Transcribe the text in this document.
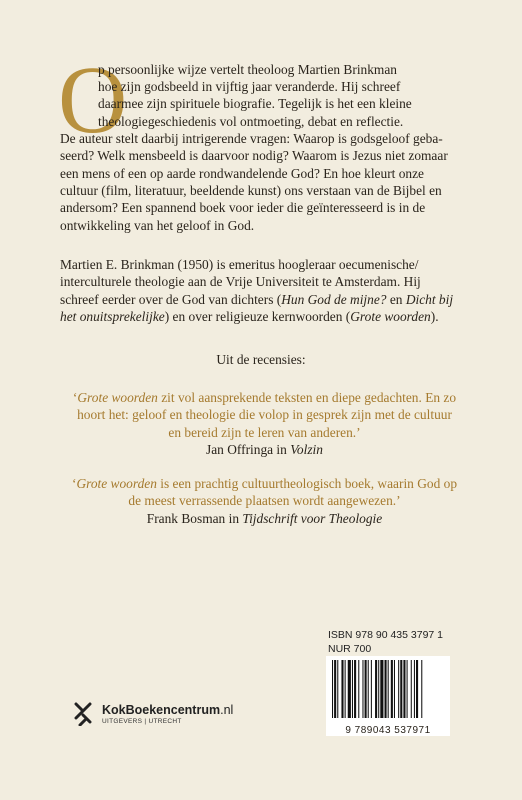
O
p persoonlijke wijze vertelt theoloog Martien Brinkman
hoe zijn godsbeeld in vijftig jaar veranderde. Hij schreef
daarmee zijn spirituele biografie. Tegelijk is het een kleine
theologiegeschiedenis vol ontmoeting, debat en reflectie.
De auteur stelt daarbij intrigerende vragen: Waarop is godsgeloof geba-
seerd? Welk mensbeeld is daarvoor nodig? Waarom is Jezus niet zomaar
een mens of een op aarde rondwandelende God? En hoe kleurt onze
cultuur (film, literatuur, beeldende kunst) ons verstaan van de Bijbel en
andersom? Een spannend boek voor ieder die geïnteresseerd is in de
ontwikkeling van het geloof in God.
Martien E. Brinkman (1950) is emeritus hoogleraar oecumenische/
interculturele theologie aan de Vrije Universiteit te Amsterdam. Hij
schreef eerder over de God van dichters (Hun God de mijne? en Dicht bij
het onuitsprekelijke) en over religieuze kernwoorden (Grote woorden).
Uit de recensies:
‘Grote woorden zit vol aansprekende teksten en diepe gedachten. En zo
hoort het: geloof en theologie die volop in gesprek zijn met de cultuur
en bereid zijn te leren van anderen.’
Jan Offringa in Volzin
‘Grote woorden is een prachtig cultuurtheologisch boek, waarin God op
de meest verrassende plaatsen wordt aangewezen.’
Frank Bosman in Tijdschrift voor Theologie
ISBN 978 90 435 3797 1
NUR 700
9 789043 537971
KokBoekencentrum.nl
UITGEVERS | UTRECHT
